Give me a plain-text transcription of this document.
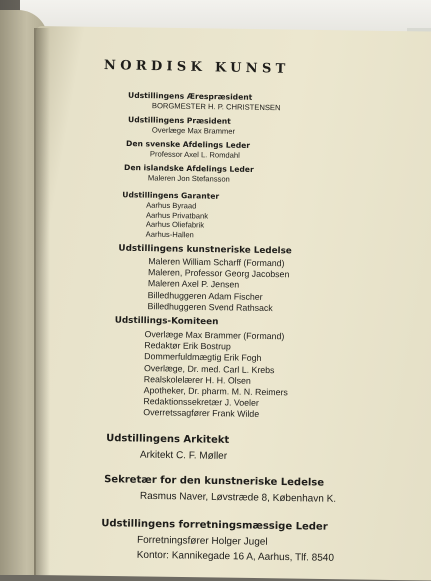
NORDISK KUNST
Udstillingens Ærespræsident
BORGMESTER H. P. CHRISTENSEN
Udstillingens Præsident
Overlæge Max Brammer
Den svenske Afdelings Leder
Professor Axel L. Romdahl
Den islandske Afdelings Leder
Maleren Jon Stefansson
Udstillingens Garanter
Aarhus Byraad
Aarhus Privatbank
Aarhus Oliefabrik
Aarhus-Hallen
Udstillingens kunstneriske Ledelse
Maleren William Scharff (Formand)
Maleren, Professor Georg Jacobsen
Maleren Axel P. Jensen
Billedhuggeren Adam Fischer
Billedhuggeren Svend Rathsack
Udstillings-Komiteen
Overlæge Max Brammer (Formand)
Redaktør Erik Bostrup
Dommerfuldmægtig Erik Fogh
Overlæge, Dr. med. Carl L. Krebs
Realskolelærer H. H. Olsen
Apotheker, Dr. pharm. M. N. Reimers
Redaktionssekretær J. Voeler
Overretssagfører Frank Wilde
Udstillingens Arkitekt
Arkitekt C. F. Møller
Sekretær for den kunstneriske Ledelse
Rasmus Naver, Løvstræde 8, København K.
Udstillingens forretningsmæssige Leder
Forretningsfører Holger Jugel
Kontor: Kannikegade 16 A, Aarhus, Tlf. 8540
